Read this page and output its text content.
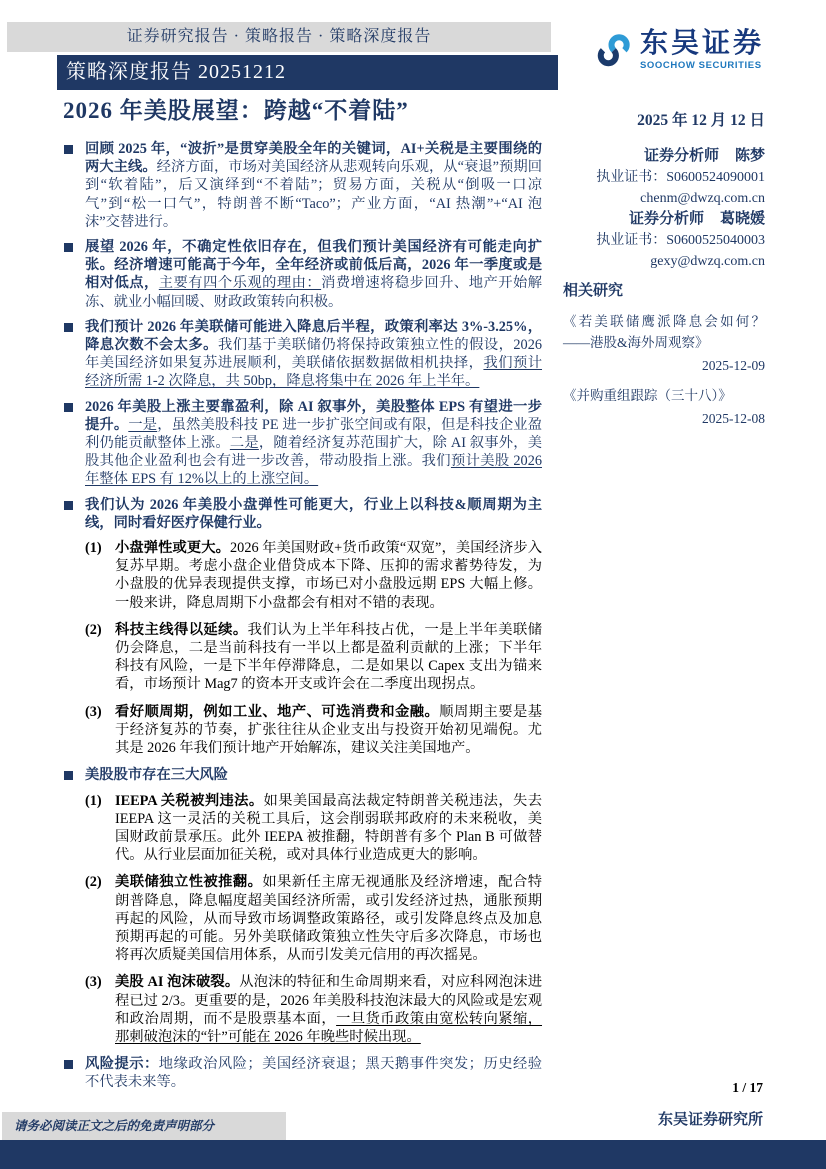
证券研究报告 · 策略报告 · 策略深度报告
策略深度报告 20251212
2026 年美股展望：跨越“不着陆”
东吴证券
SOOCHOW SECURITIES
2025 年 12 月 12 日
证券分析师 陈梦
执业证书：S0600524090001
chenm@dwzq.com.cn
证券分析师 葛晓媛
执业证书：S0600525040003
gexy@dwzq.com.cn
相关研究
《若美联储鹰派降息会如何？——港股&海外周观察》
2025-12-09
《并购重组跟踪（三十八）》
2025-12-08
回顾 2025 年，“波折”是贯穿美股全年的关键词，AI+关税是主要围绕的两大主线。经济方面，市场对美国经济从悲观转向乐观，从“衰退”预期回到“软着陆”，后又演绎到“不着陆”；贸易方面，关税从“倒吸一口凉气”到“松一口气”，特朗普不断“Taco”；产业方面，“AI 热潮”+“AI 泡沫”交替进行。
展望 2026 年，不确定性依旧存在，但我们预计美国经济有可能走向扩张。经济增速可能高于今年，全年经济或前低后高，2026 年一季度或是相对低点，主要有四个乐观的理由：消费增速将稳步回升、地产开始解冻、就业小幅回暖、财政政策转向积极。
我们预计 2026 年美联储可能进入降息后半程，政策利率达 3%-3.25%，降息次数不会太多。我们基于美联储仍将保持政策独立性的假设，2026 年美国经济如果复苏进展顺利，美联储依据数据做相机抉择，我们预计经济所需 1-2 次降息，共 50bp，降息将集中在 2026 年上半年。
2026 年美股上涨主要靠盈利，除 AI 叙事外，美股整体 EPS 有望进一步提升。一是，虽然美股科技 PE 进一步扩张空间或有限，但是科技企业盈利仍能贡献整体上涨。二是，随着经济复苏范围扩大，除 AI 叙事外，美股其他企业盈利也会有进一步改善，带动股指上涨。我们预计美股 2026 年整体 EPS 有 12%以上的上涨空间。
我们认为 2026 年美股小盘弹性可能更大，行业上以科技&顺周期为主线，同时看好医疗保健行业。
(1) 小盘弹性或更大。2026 年美国财政+货币政策“双宽”，美国经济步入复苏早期。考虑小盘企业借贷成本下降、压抑的需求蓄势待发，为小盘股的优异表现提供支撑，市场已对小盘股远期 EPS 大幅上修。一般来讲，降息周期下小盘都会有相对不错的表现。
(2) 科技主线得以延续。我们认为上半年科技占优，一是上半年美联储仍会降息，二是当前科技有一半以上都是盈利贡献的上涨；下半年科技有风险，一是下半年停滞降息，二是如果以 Capex 支出为锚来看，市场预计 Mag7 的资本开支或许会在二季度出现拐点。
(3) 看好顺周期，例如工业、地产、可选消费和金融。顺周期主要是基于经济复苏的节奏，扩张往往从企业支出与投资开始初见端倪。尤其是 2026 年我们预计地产开始解冻，建议关注美国地产。
美股股市存在三大风险
(1) IEEPA 关税被判违法。如果美国最高法裁定特朗普关税违法，失去 IEEPA 这一灵活的关税工具后，这会削弱联邦政府的未来税收，美国财政前景承压。此外 IEEPA 被推翻，特朗普有多个 Plan B 可做替代。从行业层面加征关税，或对具体行业造成更大的影响。
(2) 美联储独立性被推翻。如果新任主席无视通胀及经济增速，配合特朗普降息，降息幅度超美国经济所需，或引发经济过热，通胀预期再起的风险，从而导致市场调整政策路径，或引发降息终点及加息预期再起的可能。另外美联储政策独立性失守后多次降息，市场也将再次质疑美国信用体系，从而引发美元信用的再次摇晃。
(3) 美股 AI 泡沫破裂。从泡沫的特征和生命周期来看，对应科网泡沫进程已过 2/3。更重要的是，2026 年美股科技泡沫最大的风险或是宏观和政治周期，而不是股票基本面，一旦货币政策由宽松转向紧缩，那刺破泡沫的“针”可能在 2026 年晚些时候出现。
风险提示：地缘政治风险；美国经济衰退；黑天鹅事件突发；历史经验不代表未来等。	1 / 17
东吴证券研究所
请务必阅读正文之后的免责声明部分
